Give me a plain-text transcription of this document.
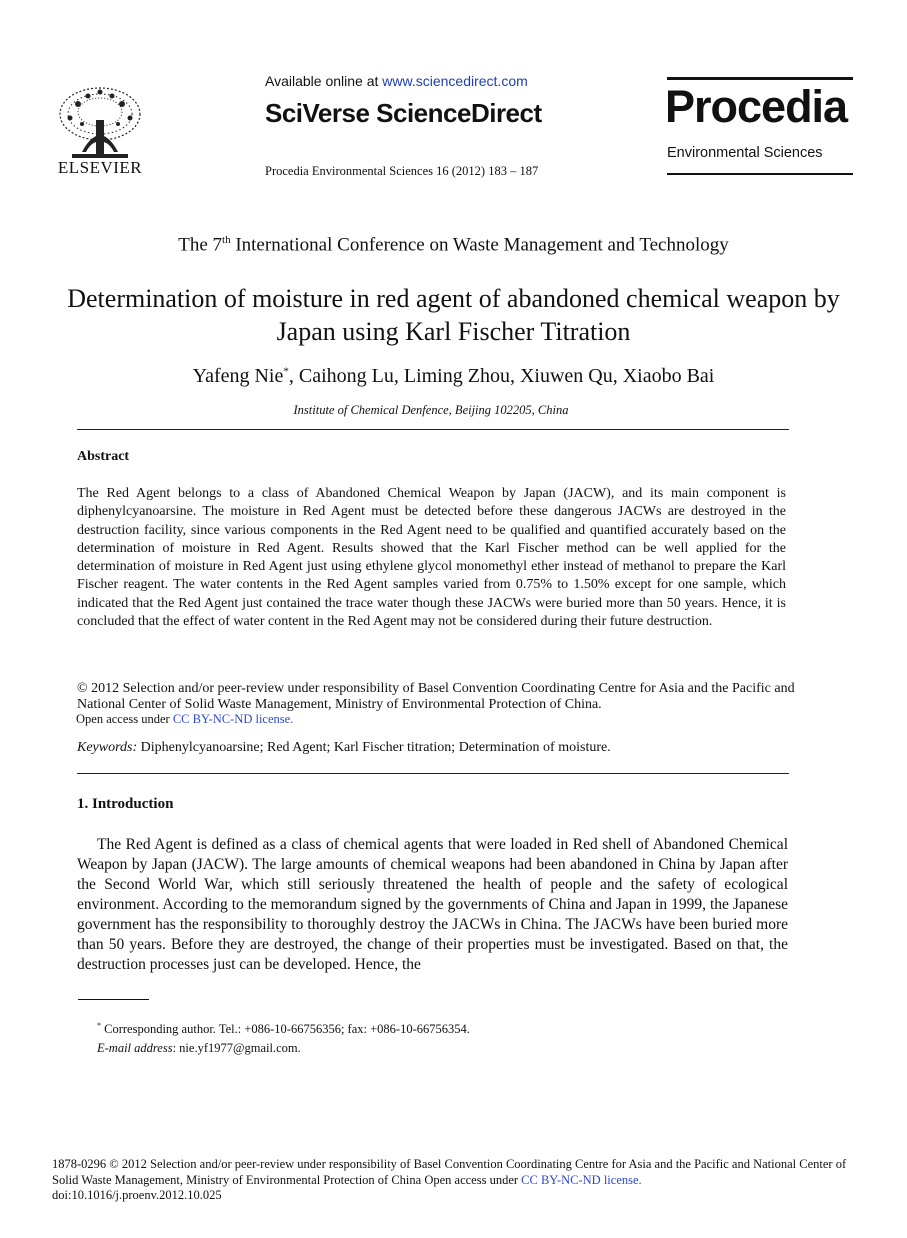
ELSEVIER
Available online at www.sciencedirect.com
SciVerse ScienceDirect
Procedia Environmental Sciences 16 (2012) 183 – 187
Procedia
Environmental Sciences
The 7th International Conference on Waste Management and Technology
Determination of moisture in red agent of abandoned chemical weapon by Japan using Karl Fischer Titration
Yafeng Nie*, Caihong Lu, Liming Zhou, Xiuwen Qu, Xiaobo Bai
Institute of Chemical Denfence, Beijing 102205, China
Abstract
The Red Agent belongs to a class of Abandoned Chemical Weapon by Japan (JACW), and its main component is diphenylcyanoarsine. The moisture in Red Agent must be detected before these dangerous JACWs are destroyed in the destruction facility, since various components in the Red Agent need to be qualified and quantified accurately based on the determination of moisture in Red Agent. Results showed that the Karl Fischer method can be well applied for the determination of moisture in Red Agent just using ethylene glycol monomethyl ether instead of methanol to prepare the Karl Fischer reagent. The water contents in the Red Agent samples varied from 0.75% to 1.50% except for one sample, which indicated that the Red Agent just contained the trace water though these JACWs were buried more than 50 years. Hence, it is concluded that the effect of water content in the Red Agent may not be considered during their future destruction.
© 2012 Selection and/or peer-review under responsibility of Basel Convention Coordinating Centre for Asia and the Pacific and National Center of Solid Waste Management, Ministry of Environmental Protection of China.
Open access under CC BY-NC-ND license.
Keywords: Diphenylcyanoarsine; Red Agent; Karl Fischer titration; Determination of moisture.
1. Introduction
The Red Agent is defined as a class of chemical agents that were loaded in Red shell of Abandoned Chemical Weapon by Japan (JACW). The large amounts of chemical weapons had been abandoned in China by Japan after the Second World War, which still seriously threatened the health of people and the safety of ecological environment. According to the memorandum signed by the governments of China and Japan in 1999, the Japanese government has the responsibility to thoroughly destroy the JACWs in China. The JACWs have been buried more than 50 years. Before they are destroyed, the change of their properties must be investigated. Based on that, the destruction processes just can be developed. Hence, the
* Corresponding author. Tel.: +086-10-66756356; fax: +086-10-66756354.
E-mail address: nie.yf1977@gmail.com.
1878-0296 © 2012 Selection and/or peer-review under responsibility of Basel Convention Coordinating Centre for Asia and the Pacific and National Center of Solid Waste Management, Ministry of Environmental Protection of China Open access under CC BY-NC-ND license.
doi:10.1016/j.proenv.2012.10.025
